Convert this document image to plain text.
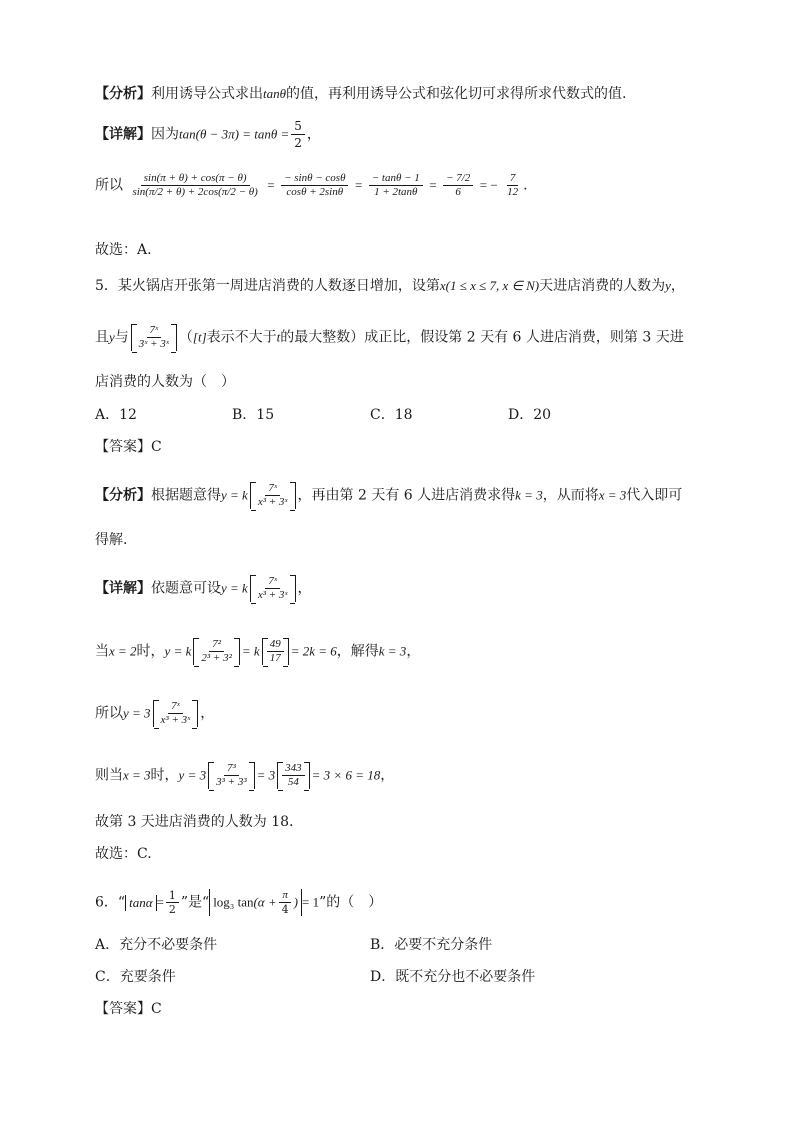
【分析】利用诱导公式求出tanθ的值，再利用诱导公式和弦化切可求得所求代数式的值.
【详解】因为$\tan(\theta - 3\pi) = \tan\theta = \frac{5}{2}$ ，
所以 $\frac{\sin(\pi + \theta) + \cos(\pi - \theta)}{\sin(\pi/2 + \theta) + 2\cos(\pi/2 - \theta)} = \frac{- \sin\theta - \cos\theta}{\cos\theta + 2\sin\theta} = \frac{- \tan\theta - 1}{1 + 2\tan\theta} = \frac{- 7/2}{6}$ = − $\frac{7}{12}$ .
故选：A.
5．某火锅店开张第一周进店消费的人数逐日增加，设第x(1 ≤ x ≤ 7, x ∈ N)天进店消费的人数为y，
且y与 $\frac{\text{7ˣ}}{\text{3ˣ + 3ˣ}} ([t]$表示不大于t的最大整数）成正比，假设第 2 天有 6 人进店消费，则第 3 天进
店消费的人数为（　）
A．12	B．15	C．18	D．20
【答案】C
【分析】根据题意得y = k $\frac{\text{7ˣ}}{\text{x³ + 3ˣ}}$ ，再由第 2 天有 6 人进店消费求得k = 3，从而将x = 3代入即可
得解.
【详解】依题意可设y = k $\frac{\text{7ˣ}}{\text{x³ + 3ˣ}}$ ，
当x = 2时，y = k $\frac{\text{7²}}{\text{2³ + 3²}} = k \frac{49}{17} = 2k = 6$，解得k = 3，
所以$y = 3 \frac{\text{7ˣ}}{\text{x³ + 3ˣ}}$ ，
则当x = 3时，$y = 3 \frac{\text{7³}}{\text{3³ + 3³}} = 3 \frac{343}{54} = 3 \times 6 = 18$，
故第 3 天进店消费的人数为 18．
故选：C.
6．“ $\tan\alpha = \frac{1}{2}$ ”是“ log₃ $\tan(\alpha + \frac{\pi}{4}$ ) = 1”的（　）
A．充分不必要条件	B．必要不充分条件
C．充要条件	D．既不充分也不必要条件
【答案】C
